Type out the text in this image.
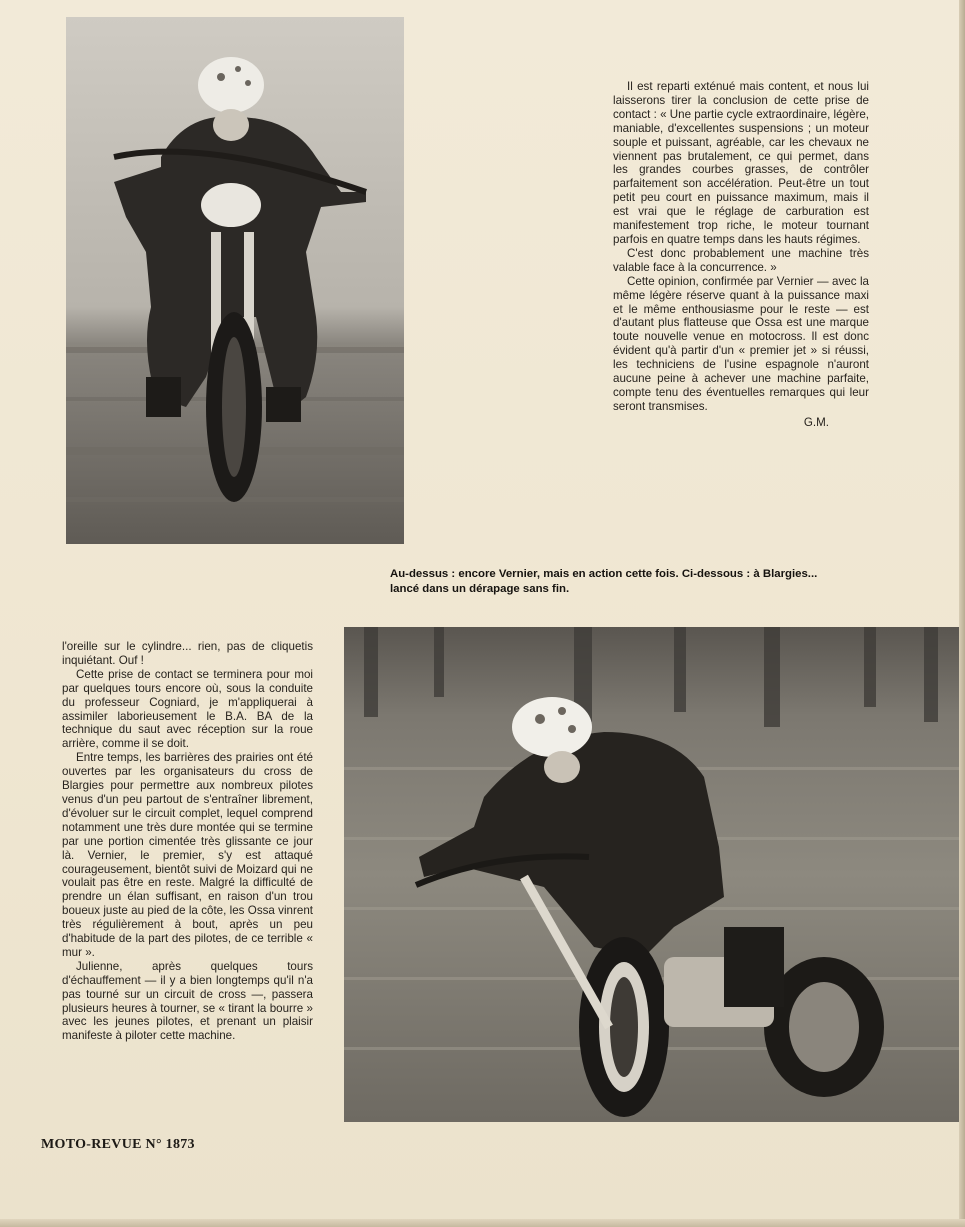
Il est reparti exténué mais content, et nous lui laisserons tirer la conclusion de cette prise de contact : « Une partie cycle extraordinaire, légère, maniable, d'excellentes suspensions ; un moteur souple et puissant, agréable, car les chevaux ne viennent pas brutalement, ce qui permet, dans les grandes courbes grasses, de contrôler parfaitement son accélération. Peut-être un tout petit peu court en puissance maximum, mais il est vrai que le réglage de carburation est manifestement trop riche, le moteur tournant parfois en quatre temps dans les hauts régimes.

C'est donc probablement une machine très valable face à la concurrence. »

Cette opinion, confirmée par Vernier — avec la même légère réserve quant à la puissance maxi et le même enthousiasme pour le reste — est d'autant plus flatteuse que Ossa est une marque toute nouvelle venue en motocross. Il est donc évident qu'à partir d'un « premier jet » si réussi, les techniciens de l'usine espagnole n'auront aucune peine à achever une machine parfaite, compte tenu des éventuelles remarques qui leur seront transmises.

G.M.
Au-dessus : encore Vernier, mais en action cette fois. Ci-dessous : à Blargies... lancé dans un dérapage sans fin.

l'oreille sur le cylindre... rien, pas de cliquetis inquiétant. Ouf !

Cette prise de contact se terminera pour moi par quelques tours encore où, sous la conduite du professeur Cogniard, je m'appliquerai à assimiler laborieusement le B.A. BA de la technique du saut avec réception sur la roue arrière, comme il se doit.

Entre temps, les barrières des prairies ont été ouvertes par les organisateurs du cross de Blargies pour permettre aux nombreux pilotes venus d'un peu partout de s'entraîner librement, d'évoluer sur le circuit complet, lequel comprend notamment une très dure montée qui se termine par une portion cimentée très glissante ce jour là. Vernier, le premier, s'y est attaqué courageusement, bientôt suivi de Moizard qui ne voulait pas être en reste. Malgré la difficulté de prendre un élan suffisant, en raison d'un trou boueux juste au pied de la côte, les Ossa vinrent très régulièrement à bout, après un peu d'habitude de la part des pilotes, de ce terrible « mur ».

Julienne, après quelques tours d'échauffement — il y a bien longtemps qu'il n'a pas tourné sur un circuit de cross —, passera plusieurs heures à tourner, se « tirant la bourre » avec les jeunes pilotes, et prenant un plaisir manifeste à piloter cette machine.

MOTO-REVUE N° 1873
